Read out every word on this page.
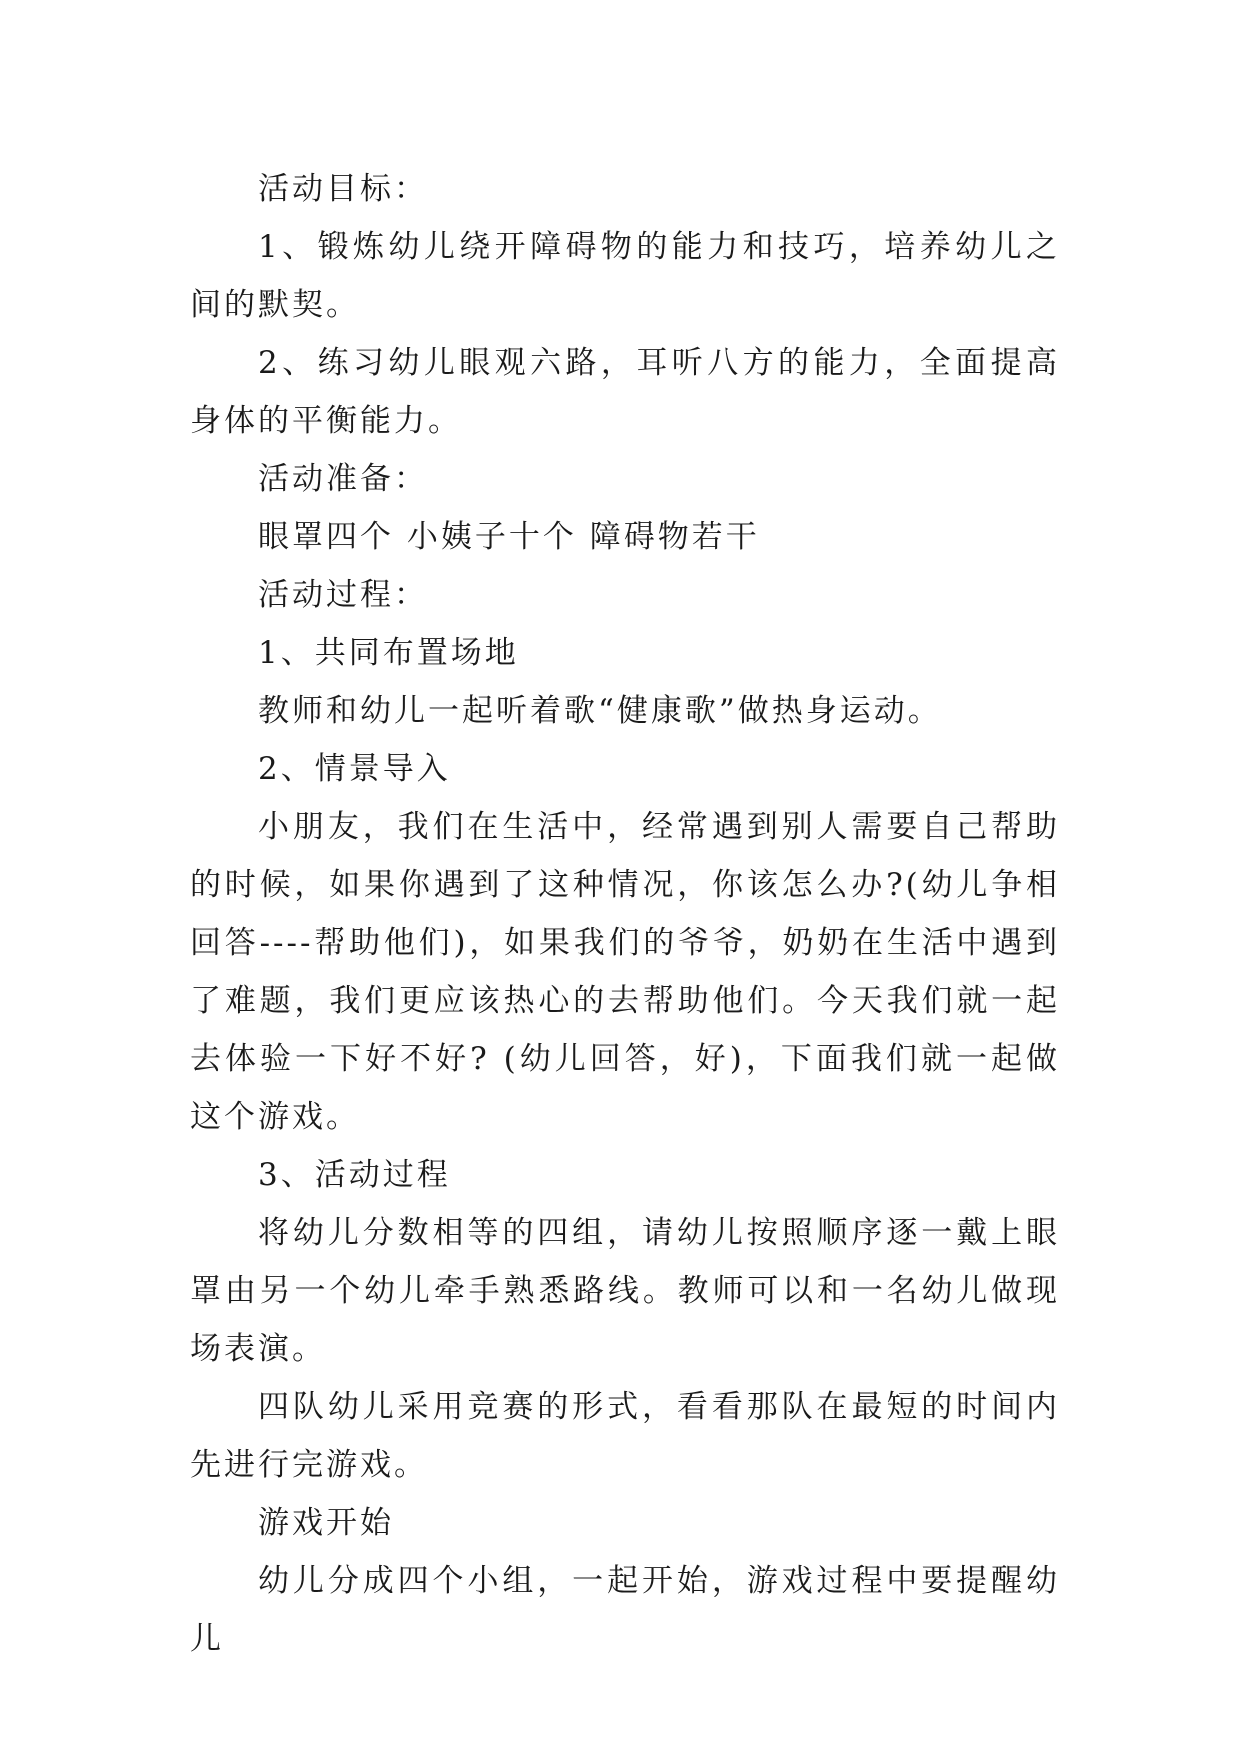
活动目标：

1、锻炼幼儿绕开障碍物的能力和技巧，培养幼儿之间的默契。

2、练习幼儿眼观六路，耳听八方的能力，全面提高身体的平衡能力。

活动准备：

眼罩四个 小姨子十个 障碍物若干

活动过程：

1、共同布置场地

教师和幼儿一起听着歌“健康歌”做热身运动。

2、情景导入

小朋友，我们在生活中，经常遇到别人需要自己帮助的时候，如果你遇到了这种情况，你该怎么办?(幼儿争相回答----帮助他们)，如果我们的爷爷，奶奶在生活中遇到了难题，我们更应该热心的去帮助他们。今天我们就一起去体验一下好不好? (幼儿回答，好)，下面我们就一起做这个游戏。

3、活动过程

将幼儿分数相等的四组，请幼儿按照顺序逐一戴上眼罩由另一个幼儿牵手熟悉路线。教师可以和一名幼儿做现场表演。

四队幼儿采用竞赛的形式，看看那队在最短的时间内先进行完游戏。

游戏开始

幼儿分成四个小组，一起开始，游戏过程中要提醒幼儿
